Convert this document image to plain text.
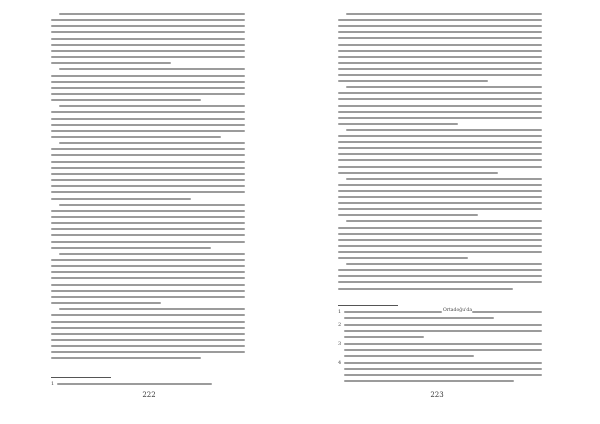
1
222
1	Ortadoğu'da
2
3
4
223
